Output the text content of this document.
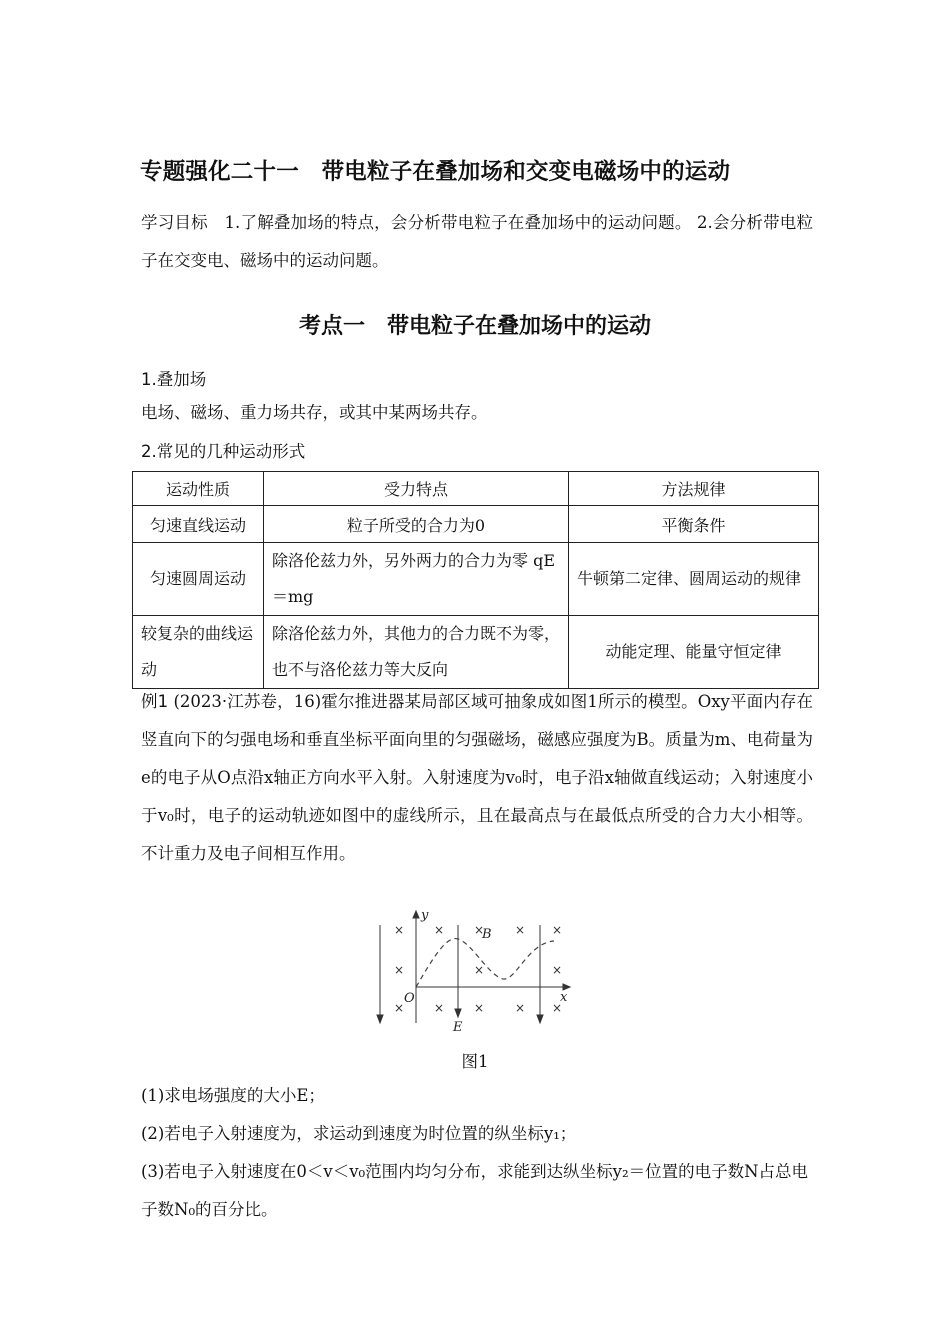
专题强化二十一　带电粒子在叠加场和交变电磁场中的运动
学习目标　 1.了解叠加场的特点，会分析带电粒子在叠加场中的运动问题。 2.会分析带电粒子在交变电、磁场中的运动问题。
考点一　带电粒子在叠加场中的运动
1.叠加场
电场、磁场、重力场共存，或其中某两场共存。
2.常见的几种运动形式
运动性质	受力特点	方法规律
匀速直线运动	粒子所受的合力为0	平衡条件
匀速圆周运动	除洛伦兹力外，另外两力的合力为零 qE＝mg	牛顿第二定律、圆周运动的规律
较复杂的曲线运动	除洛伦兹力外，其他力的合力既不为零，也不与洛伦兹力等大反向	动能定理、能量守恒定律
例1 (2023·江苏卷，16)霍尔推进器某局部区域可抽象成如图1所示的模型。Oxy平面内存在竖直向下的匀强电场和垂直坐标平面向里的匀强磁场，磁感应强度为B。质量为m、电荷量为e的电子从O点沿x轴正方向水平入射。入射速度为v₀时，电子沿x轴做直线运动；入射速度小于v₀时，电子的运动轨迹如图中的虚线所示，且在最高点与在最低点所受的合力大小相等。不计重力及电子间相互作用。
× × ×	× ×
×	×	×
× × ×	× ×
y
x
O
B
E
图1
(1)求电场强度的大小E；
(2)若电子入射速度为，求运动到速度为时位置的纵坐标y₁；
(3)若电子入射速度在0＜v＜v₀范围内均匀分布，求能到达纵坐标y₂＝位置的电子数N占总电子数N₀的百分比。
